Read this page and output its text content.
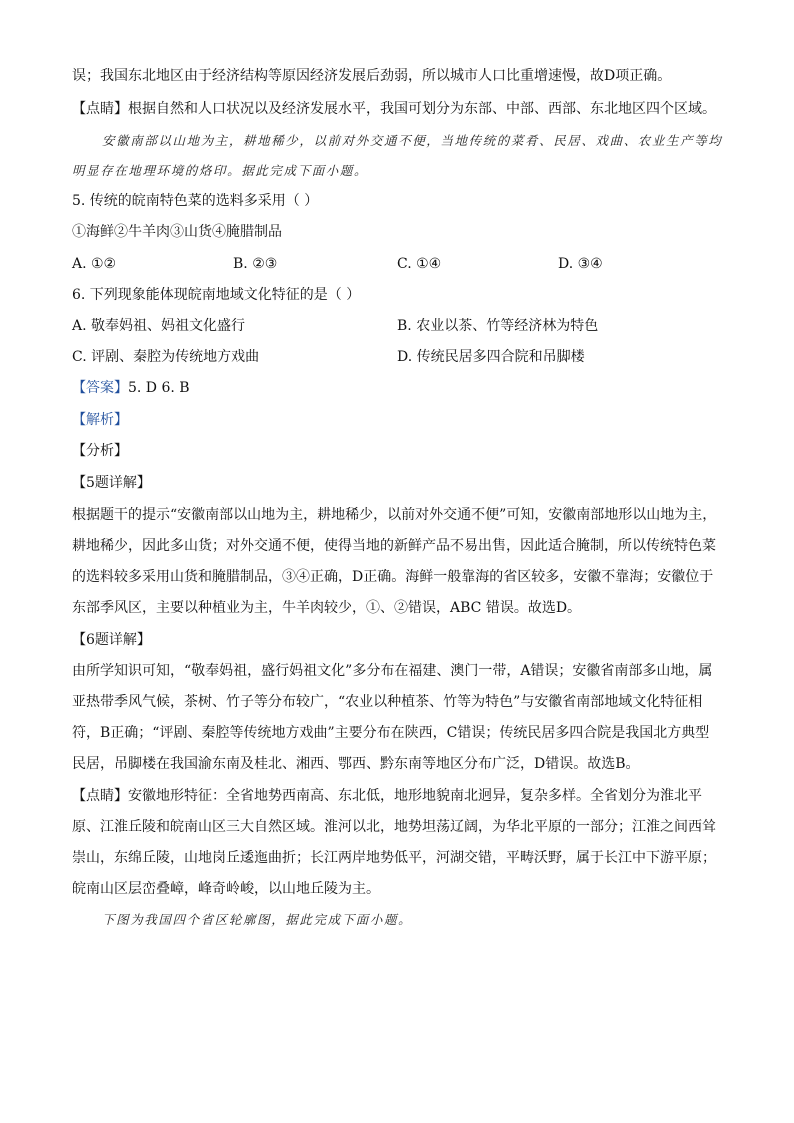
误；我国东北地区由于经济结构等原因经济发展后劲弱，所以城市人口比重增速慢，故D项正确。
【点睛】根据自然和人口状况以及经济发展水平，我国可划分为东部、中部、西部、东北地区四个区域。
安徽南部以山地为主，耕地稀少，以前对外交通不便，当地传统的菜肴、民居、戏曲、农业生产等均
明显存在地理环境的烙印。据此完成下面小题。
5. 传统的皖南特色菜的选料多采用（ ）
①海鲜②牛羊肉③山货④腌腊制品
A. ①②	B. ②③	C. ①④	D. ③④
6. 下列现象能体现皖南地域文化特征的是（ ）
A. 敬奉妈祖、妈祖文化盛行	B. 农业以茶、竹等经济林为特色
C. 评剧、秦腔为传统地方戏曲	D. 传统民居多四合院和吊脚楼
【答案】5. D 6. B
【解析】
【分析】
【5题详解】
根据题干的提示“安徽南部以山地为主，耕地稀少，以前对外交通不便”可知，安徽南部地形以山地为主，
耕地稀少，因此多山货；对外交通不便，使得当地的新鲜产品不易出售，因此适合腌制，所以传统特色菜
的选料较多采用山货和腌腊制品，③④正确，D正确。海鲜一般靠海的省区较多，安徽不靠海；安徽位于
东部季风区，主要以种植业为主，牛羊肉较少，①、②错误，ABC 错误。故选D。
【6题详解】
由所学知识可知，“敬奉妈祖，盛行妈祖文化”多分布在福建、澳门一带，A错误；安徽省南部多山地，属
亚热带季风气候，茶树、竹子等分布较广，“农业以种植茶、竹等为特色”与安徽省南部地域文化特征相
符，B正确；“评剧、秦腔等传统地方戏曲”主要分布在陕西，C错误；传统民居多四合院是我国北方典型
民居，吊脚楼在我国渝东南及桂北、湘西、鄂西、黔东南等地区分布广泛，D错误。故选B。
【点睛】安徽地形特征：全省地势西南高、东北低，地形地貌南北迥异，复杂多样。全省划分为淮北平
原、江淮丘陵和皖南山区三大自然区域。淮河以北，地势坦荡辽阔，为华北平原的一部分；江淮之间西耸
崇山，东绵丘陵，山地岗丘逶迤曲折；长江两岸地势低平，河湖交错，平畴沃野，属于长江中下游平原；
皖南山区层峦叠嶂，峰奇岭峻，以山地丘陵为主。
下图为我国四个省区轮廓图，据此完成下面小题。
